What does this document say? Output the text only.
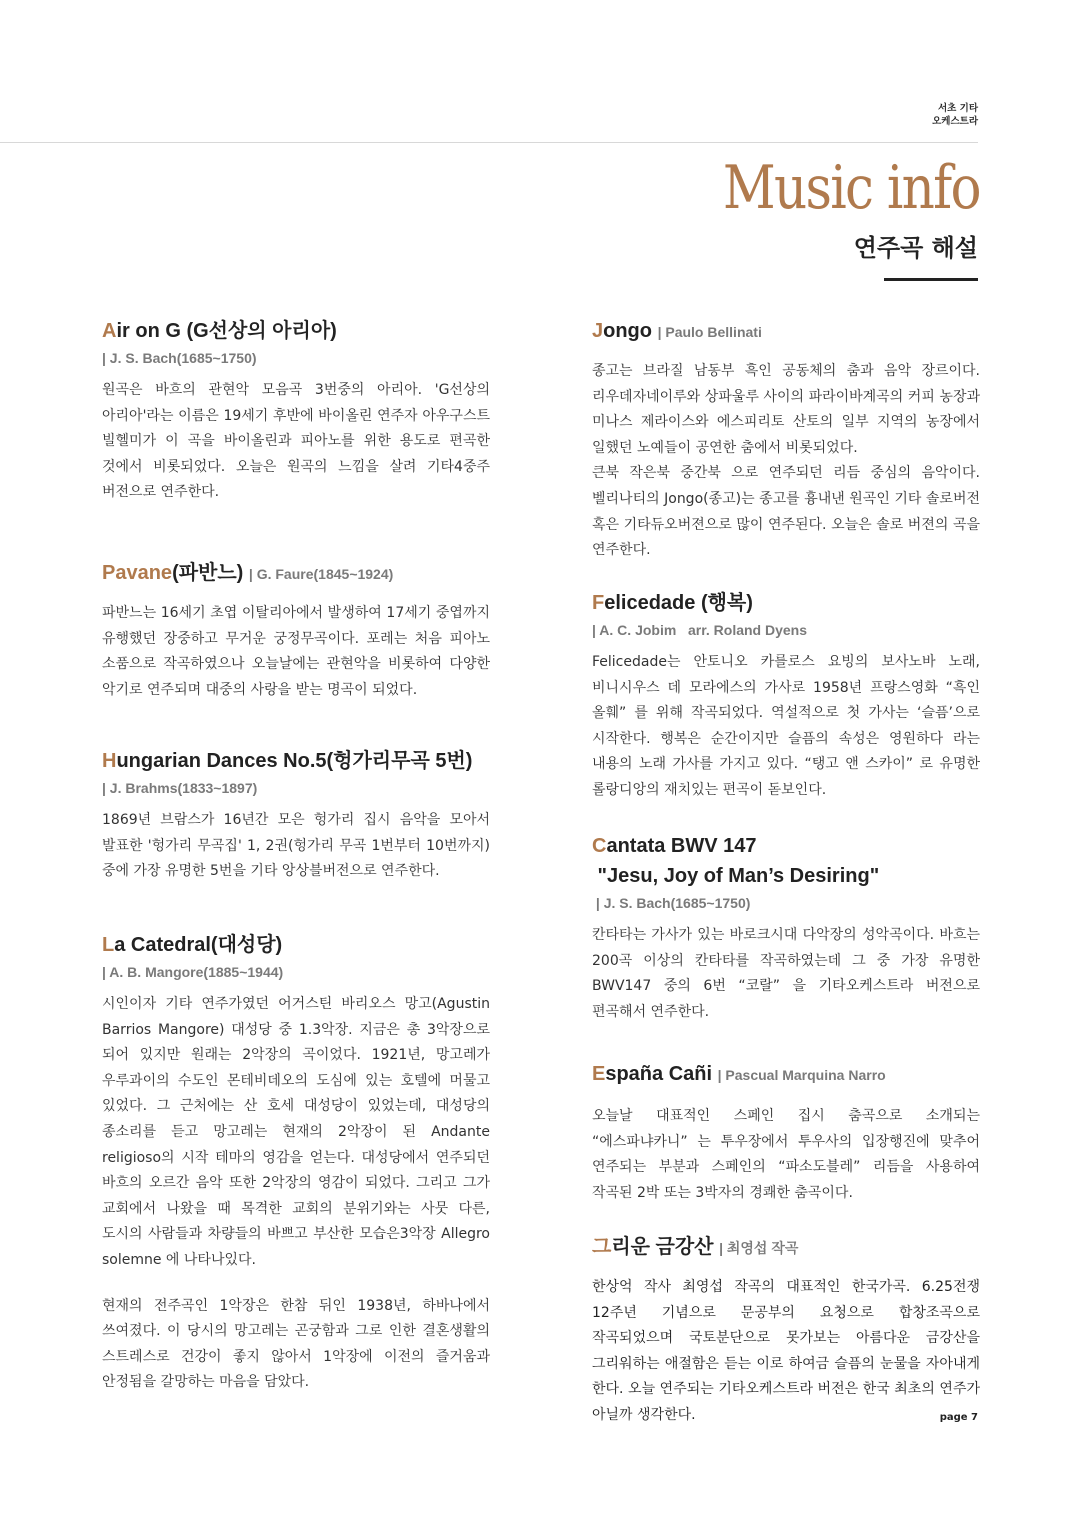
서초 기타
오케스트라
Music info
연주곡 해설
Air on G (G선상의 아리아)
| J. S. Bach(1685~1750)

원곡은 바흐의 관현악 모음곡 3번중의 아리아. 'G선상의 아리아'라는 이름은 19세기 후반에 바이올린 연주자 아우구스트 빌헬미가 이 곡을 바이올린과 피아노를 위한 용도로 편곡한 것에서 비롯되었다. 오늘은 원곡의 느낌을 살려 기타4중주 버전으로 연주한다.

Pavane(파반느) | G. Faure(1845~1924)

파반느는 16세기 초엽 이탈리아에서 발생하여 17세기 중엽까지 유행했던 장중하고 무거운 궁정무곡이다. 포레는 처음 피아노 소품으로 작곡하였으나 오늘날에는 관현악을 비롯하여 다양한 악기로 연주되며 대중의 사랑을 받는 명곡이 되었다.

Hungarian Dances No.5(헝가리무곡 5번)
| J. Brahms(1833~1897)

1869년 브람스가 16년간 모은 헝가리 집시 음악을 모아서 발표한 '헝가리 무곡집' 1, 2권(헝가리 무곡 1번부터 10번까지) 중에 가장 유명한 5번을 기타 앙상블버전으로 연주한다.

La Catedral(대성당)
| A. B. Mangore(1885~1944)

시인이자 기타 연주가였던 어거스틴 바리오스 망고(Agustin Barrios Mangore) 대성당 중 1.3악장. 지금은 총 3악장으로 되어 있지만 원래는 2악장의 곡이었다. 1921년, 망고레가 우루과이의 수도인 몬테비데오의 도심에 있는 호텔에 머물고 있었다. 그 근처에는 산 호세 대성당이 있었는데, 대성당의 종소리를 듣고 망고레는 현재의 2악장이 된 Andante religioso의 시작 테마의 영감을 얻는다. 대성당에서 연주되던 바흐의 오르간 음악 또한 2악장의 영감이 되었다. 그리고 그가 교회에서 나왔을 때 목격한 교회의 분위기와는 사뭇 다른, 도시의 사람들과 차량들의 바쁘고 부산한 모습은3악장 Allegro solemne 에 나타나있다.

현재의 전주곡인 1악장은 한참 뒤인 1938년, 하바나에서 쓰여졌다. 이 당시의 망고레는 곤궁함과 그로 인한 결혼생활의 스트레스로 건강이 좋지 않아서 1악장에 이전의 즐거움과 안정됨을 갈망하는 마음을 담았다.

Jongo | Paulo Bellinati

종고는 브라질 남동부 흑인 공동체의 춤과 음악 장르이다. 리우데자네이루와 상파울루 사이의 파라이바계곡의 커피 농장과 미나스 제라이스와 에스피리토 산토의 일부 지역의 농장에서 일했던 노예들이 공연한 춤에서 비롯되었다.

큰북 작은북 중간북 으로 연주되던 리듬 중심의 음악이다. 벨리나티의 Jongo(종고)는 종고를 흉내낸 원곡인 기타 솔로버전 혹은 기타듀오버젼으로 많이 연주된다. 오늘은 솔로 버젼의 곡을 연주한다.

Felicedade (행복)
| A. C. Jobim   arr. Roland Dyens

Felicedade는 안토니오 카를로스 요빙의 보사노바 노래, 비니시우스 데 모라에스의 가사로 1958년 프랑스영화 “흑인 올훼” 를 위해 작곡되었다. 역설적으로 첫 가사는 ‘슬픔’으로 시작한다. 행복은 순간이지만 슬픔의 속성은 영원하다 라는 내용의 노래 가사를 가지고 있다. “탱고 앤 스카이” 로 유명한 롤랑디앙의 재치있는 편곡이 돋보인다.

Cantata BWV 147
"Jesu, Joy of Man’s Desiring"
| J. S. Bach(1685~1750)

칸타타는 가사가 있는 바로크시대 다악장의 성악곡이다. 바흐는 200곡 이상의 칸타타를 작곡하였는데 그 중 가장 유명한 BWV147 중의 6번 “코랄” 을 기타오케스트라 버전으로 편곡해서 연주한다.

España Cañi | Pascual Marquina Narro

오늘날 대표적인 스페인 집시 춤곡으로 소개되는 “에스파냐카니” 는 투우장에서 투우사의 입장행진에 맞추어 연주되는 부분과 스페인의 “파소도블레” 리듬을 사용하여 작곡된 2박 또는 3박자의 경쾌한 춤곡이다.

그리운 금강산 | 최영섭 작곡

한상억 작사 최영섭 작곡의 대표적인 한국가곡. 6.25전쟁 12주년 기념으로 문공부의 요청으로 합창조곡으로 작곡되었으며 국토분단으로 못가보는 아름다운 금강산을 그리워하는 애절함은 듣는 이로 하여금 슬픔의 눈물을 자아내게 한다. 오늘 연주되는 기타오케스트라 버전은 한국 최초의 연주가 아닐까 생각한다.	page 7
